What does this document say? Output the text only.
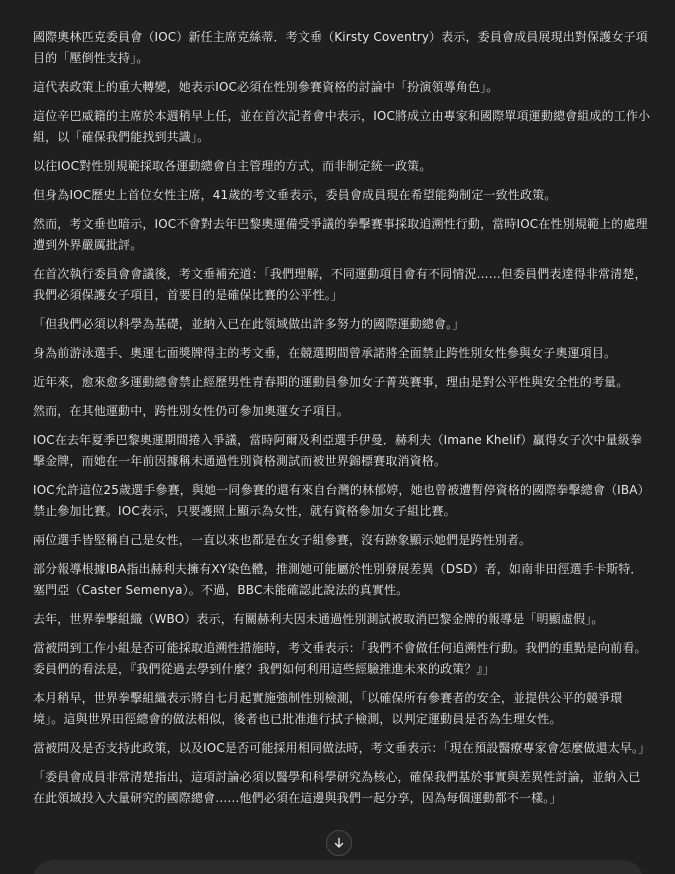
國際奧林匹克委員會（IOC）新任主席克絲蒂．考文垂（Kirsty Coventry）表示，委員會成員展現出對保護女子項目的「壓倒性支持」。

這代表政策上的重大轉變，她表示IOC必須在性別參賽資格的討論中「扮演領導角色」。

這位辛巴威籍的主席於本週稍早上任，並在首次記者會中表示，IOC將成立由專家和國際單項運動總會組成的工作小組，以「確保我們能找到共識」。

以往IOC對性別規範採取各運動總會自主管理的方式，而非制定統一政策。

但身為IOC歷史上首位女性主席，41歲的考文垂表示，委員會成員現在希望能夠制定一致性政策。

然而，考文垂也暗示，IOC不會對去年巴黎奧運備受爭議的拳擊賽事採取追溯性行動，當時IOC在性別規範上的處理遭到外界嚴厲批評。

在首次執行委員會會議後，考文垂補充道：「我們理解，不同運動項目會有不同情況……但委員們表達得非常清楚，我們必須保護女子項目，首要目的是確保比賽的公平性。」

「但我們必須以科學為基礎，並納入已在此領域做出許多努力的國際運動總會。」

身為前游泳選手、奧運七面獎牌得主的考文垂，在競選期間曾承諾將全面禁止跨性別女性參與女子奧運項目。

近年來，愈來愈多運動總會禁止經歷男性青春期的運動員參加女子菁英賽事，理由是對公平性與安全性的考量。

然而，在其他運動中，跨性別女性仍可參加奧運女子項目。

IOC在去年夏季巴黎奧運期間捲入爭議，當時阿爾及利亞選手伊曼．赫利夫（Imane Khelif）贏得女子次中量級拳擊金牌，而她在一年前因據稱未通過性別資格測試而被世界錦標賽取消資格。

IOC允許這位25歲選手參賽，與她一同參賽的還有來自台灣的林郁婷，她也曾被遭暫停資格的國際拳擊總會（IBA）禁止參加比賽。IOC表示，只要護照上顯示為女性，就有資格參加女子組比賽。

兩位選手皆堅稱自己是女性，一直以來也都是在女子組參賽，沒有跡象顯示她們是跨性別者。

部分報導根據IBA指出赫利夫擁有XY染色體，推測她可能屬於性別發展差異（DSD）者，如南非田徑選手卡斯特．塞門亞（Caster Semenya）。不過，BBC未能確認此說法的真實性。

去年，世界拳擊組織（WBO）表示，有關赫利夫因未通過性別測試被取消巴黎金牌的報導是「明顯虛假」。

當被問到工作小組是否可能採取追溯性措施時，考文垂表示：「我們不會做任何追溯性行動。我們的重點是向前看。委員們的看法是，『我們從過去學到什麼？我們如何利用這些經驗推進未來的政策？』」

本月稍早，世界拳擊組織表示將自七月起實施強制性別檢測，「以確保所有參賽者的安全，並提供公平的競爭環境」。這與世界田徑總會的做法相似，後者也已批准進行拭子檢測，以判定運動員是否為生理女性。

當被問及是否支持此政策，以及IOC是否可能採用相同做法時，考文垂表示：「現在預設醫療專家會怎麼做還太早。」

「委員會成員非常清楚指出，這項討論必須以醫學和科學研究為核心，確保我們基於事實與差異性討論，並納入已在此領域投入大量研究的國際總會……他們必須在這邊與我們一起分享，因為每個運動都不一樣。」
